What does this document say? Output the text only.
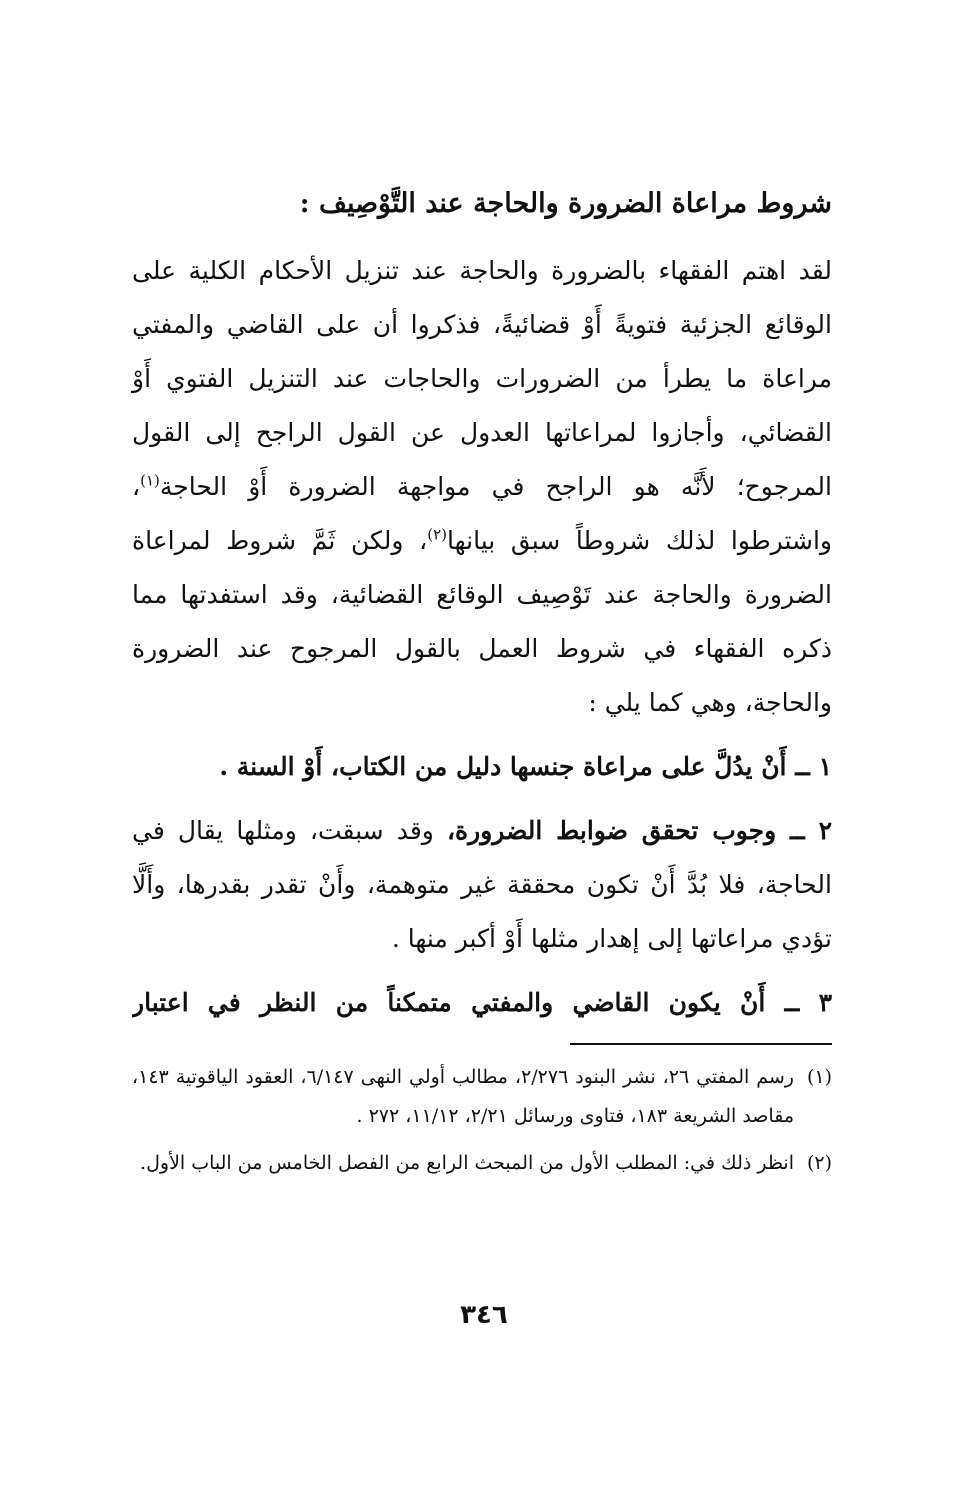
شروط مراعاة الضرورة والحاجة عند التَّوْصِيف :

لقد اهتم الفقهاء بالضرورة والحاجة عند تنزيل الأحكام الكلية على الوقائع الجزئية فتويةً أَوْ قضائيةً، فذكروا أن على القاضي والمفتي مراعاة ما يطرأ من الضرورات والحاجات عند التنزيل الفتوي أَوْ القضائي، وأجازوا لمراعاتها العدول عن القول الراجح إلى القول المرجوح؛ لأَنَّه هو الراجح في مواجهة الضرورة أَوْ الحاجة$^{(١)}$، واشترطوا لذلك شروطاً سبق بيانها$^{(٢)}$، ولكن ثَمَّ شروط لمراعاة الضرورة والحاجة عند تَوْصِيف الوقائع القضائية، وقد استفدتها مما ذكره الفقهاء في شروط العمل بالقول المرجوح عند الضرورة والحاجة، وهي كما يلي :

١ ــ أَنْ يدُلَّ على مراعاة جنسها دليل من الكتاب، أَوْ السنة .

٢ ــ وجوب تحقق ضوابط الضرورة، وقد سبقت، ومثلها يقال في الحاجة، فلا بُدَّ أَنْ تكون محققة غير متوهمة، وأَنْ تقدر بقدرها، وأَلَّا تؤدي مراعاتها إلى إهدار مثلها أَوْ أكبر منها .

٣ ــ أَنْ يكون القاضي والمفتي متمكناً من النظر في اعتبار

(١)
رسم المفتي ٢٦، نشر البنود ٢/٢٧٦، مطالب أولي النهى ٦/١٤٧، العقود الياقوتية ١٤٣، مقاصد الشريعة ١٨٣، فتاوى ورسائل ٢/٢١، ١١/١٢، ٢٧٢ .
(٢)
انظر ذلك في: المطلب الأول من المبحث الرابع من الفصل الخامس من الباب الأول.
٣٤٦
